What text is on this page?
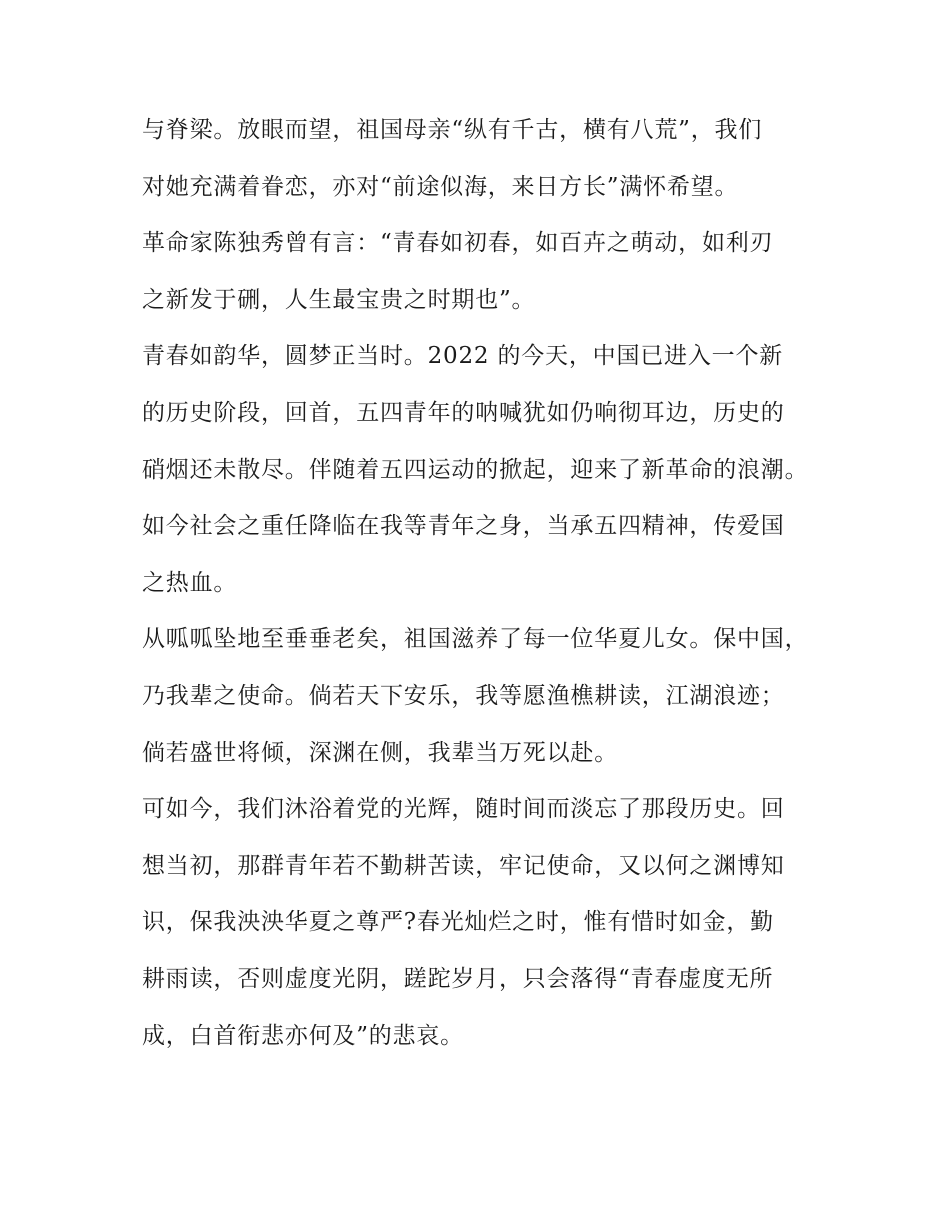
与脊梁。放眼而望，祖国母亲“纵有千古，横有八荒”，我们
对她充满着眷恋，亦对“前途似海，来日方长”满怀希望。
革命家陈独秀曾有言：“青春如初春，如百卉之萌动，如利刃
之新发于硎，人生最宝贵之时期也”。
青春如韵华，圆梦正当时。2022 的今天，中国已进入一个新
的历史阶段，回首，五四青年的呐喊犹如仍响彻耳边，历史的
硝烟还未散尽。伴随着五四运动的掀起，迎来了新革命的浪潮。
如今社会之重任降临在我等青年之身，当承五四精神，传爱国
之热血。
从呱呱坠地至垂垂老矣，祖国滋养了每一位华夏儿女。保中国，
乃我辈之使命。倘若天下安乐，我等愿渔樵耕读，江湖浪迹；
倘若盛世将倾，深渊在侧，我辈当万死以赴。
可如今，我们沐浴着党的光辉，随时间而淡忘了那段历史。回
想当初，那群青年若不勤耕苦读，牢记使命，又以何之渊博知
识，保我泱泱华夏之尊严?春光灿烂之时，惟有惜时如金，勤
耕雨读，否则虚度光阴，蹉跎岁月，只会落得“青春虚度无所
成，白首衔悲亦何及”的悲哀。
